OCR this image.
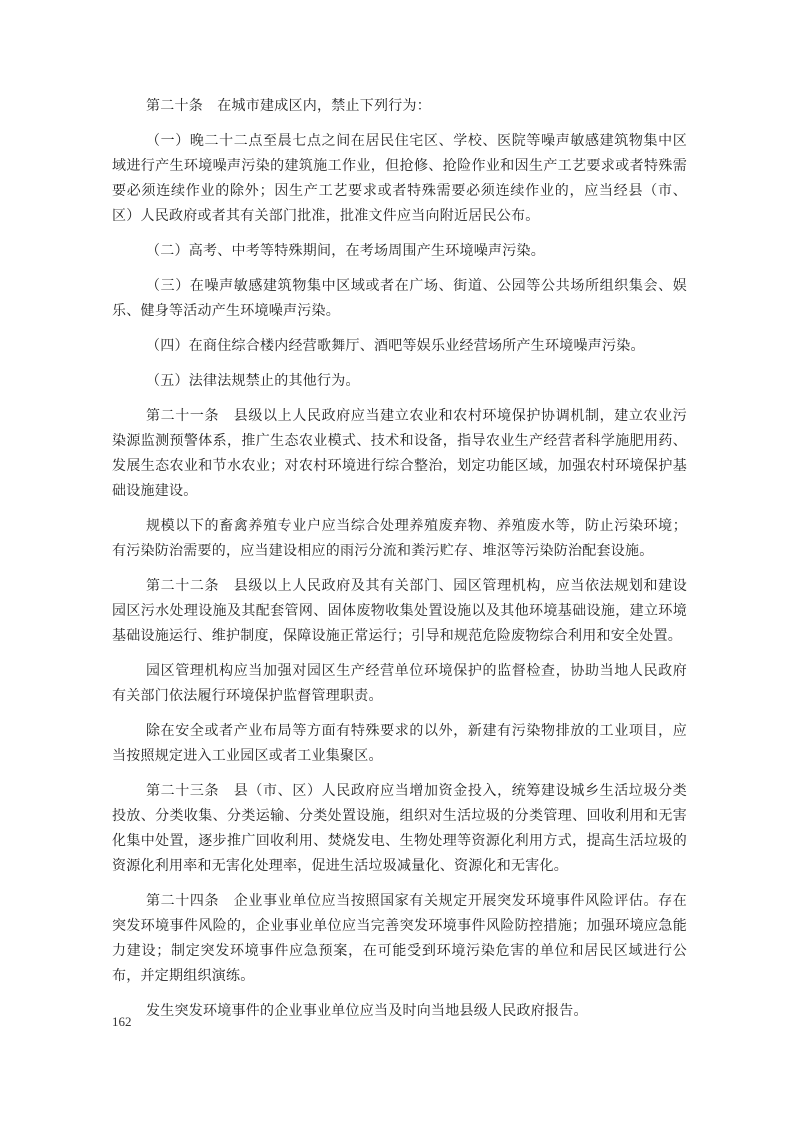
第二十条　在城市建成区内，禁止下列行为：

（一）晚二十二点至晨七点之间在居民住宅区、学校、医院等噪声敏感建筑物集中区域进行产生环境噪声污染的建筑施工作业，但抢修、抢险作业和因生产工艺要求或者特殊需要必须连续作业的除外；因生产工艺要求或者特殊需要必须连续作业的，应当经县（市、区）人民政府或者其有关部门批准，批准文件应当向附近居民公布。

（二）高考、中考等特殊期间，在考场周围产生环境噪声污染。

（三）在噪声敏感建筑物集中区域或者在广场、街道、公园等公共场所组织集会、娱乐、健身等活动产生环境噪声污染。

（四）在商住综合楼内经营歌舞厅、酒吧等娱乐业经营场所产生环境噪声污染。

（五）法律法规禁止的其他行为。

第二十一条　县级以上人民政府应当建立农业和农村环境保护协调机制，建立农业污染源监测预警体系，推广生态农业模式、技术和设备，指导农业生产经营者科学施肥用药、发展生态农业和节水农业；对农村环境进行综合整治，划定功能区域，加强农村环境保护基础设施建设。

规模以下的畜禽养殖专业户应当综合处理养殖废弃物、养殖废水等，防止污染环境；有污染防治需要的，应当建设相应的雨污分流和粪污贮存、堆沤等污染防治配套设施。

第二十二条　县级以上人民政府及其有关部门、园区管理机构，应当依法规划和建设园区污水处理设施及其配套管网、固体废物收集处置设施以及其他环境基础设施，建立环境基础设施运行、维护制度，保障设施正常运行；引导和规范危险废物综合利用和安全处置。

园区管理机构应当加强对园区生产经营单位环境保护的监督检查，协助当地人民政府有关部门依法履行环境保护监督管理职责。

除在安全或者产业布局等方面有特殊要求的以外，新建有污染物排放的工业项目，应当按照规定进入工业园区或者工业集聚区。

第二十三条　县（市、区）人民政府应当增加资金投入，统筹建设城乡生活垃圾分类投放、分类收集、分类运输、分类处置设施，组织对生活垃圾的分类管理、回收利用和无害化集中处置，逐步推广回收利用、焚烧发电、生物处理等资源化利用方式，提高生活垃圾的资源化利用率和无害化处理率，促进生活垃圾减量化、资源化和无害化。

第二十四条　企业事业单位应当按照国家有关规定开展突发环境事件风险评估。存在突发环境事件风险的，企业事业单位应当完善突发环境事件风险防控措施；加强环境应急能力建设；制定突发环境事件应急预案，在可能受到环境污染危害的单位和居民区域进行公布，并定期组织演练。

发生突发环境事件的企业事业单位应当及时向当地县级人民政府报告。

162
